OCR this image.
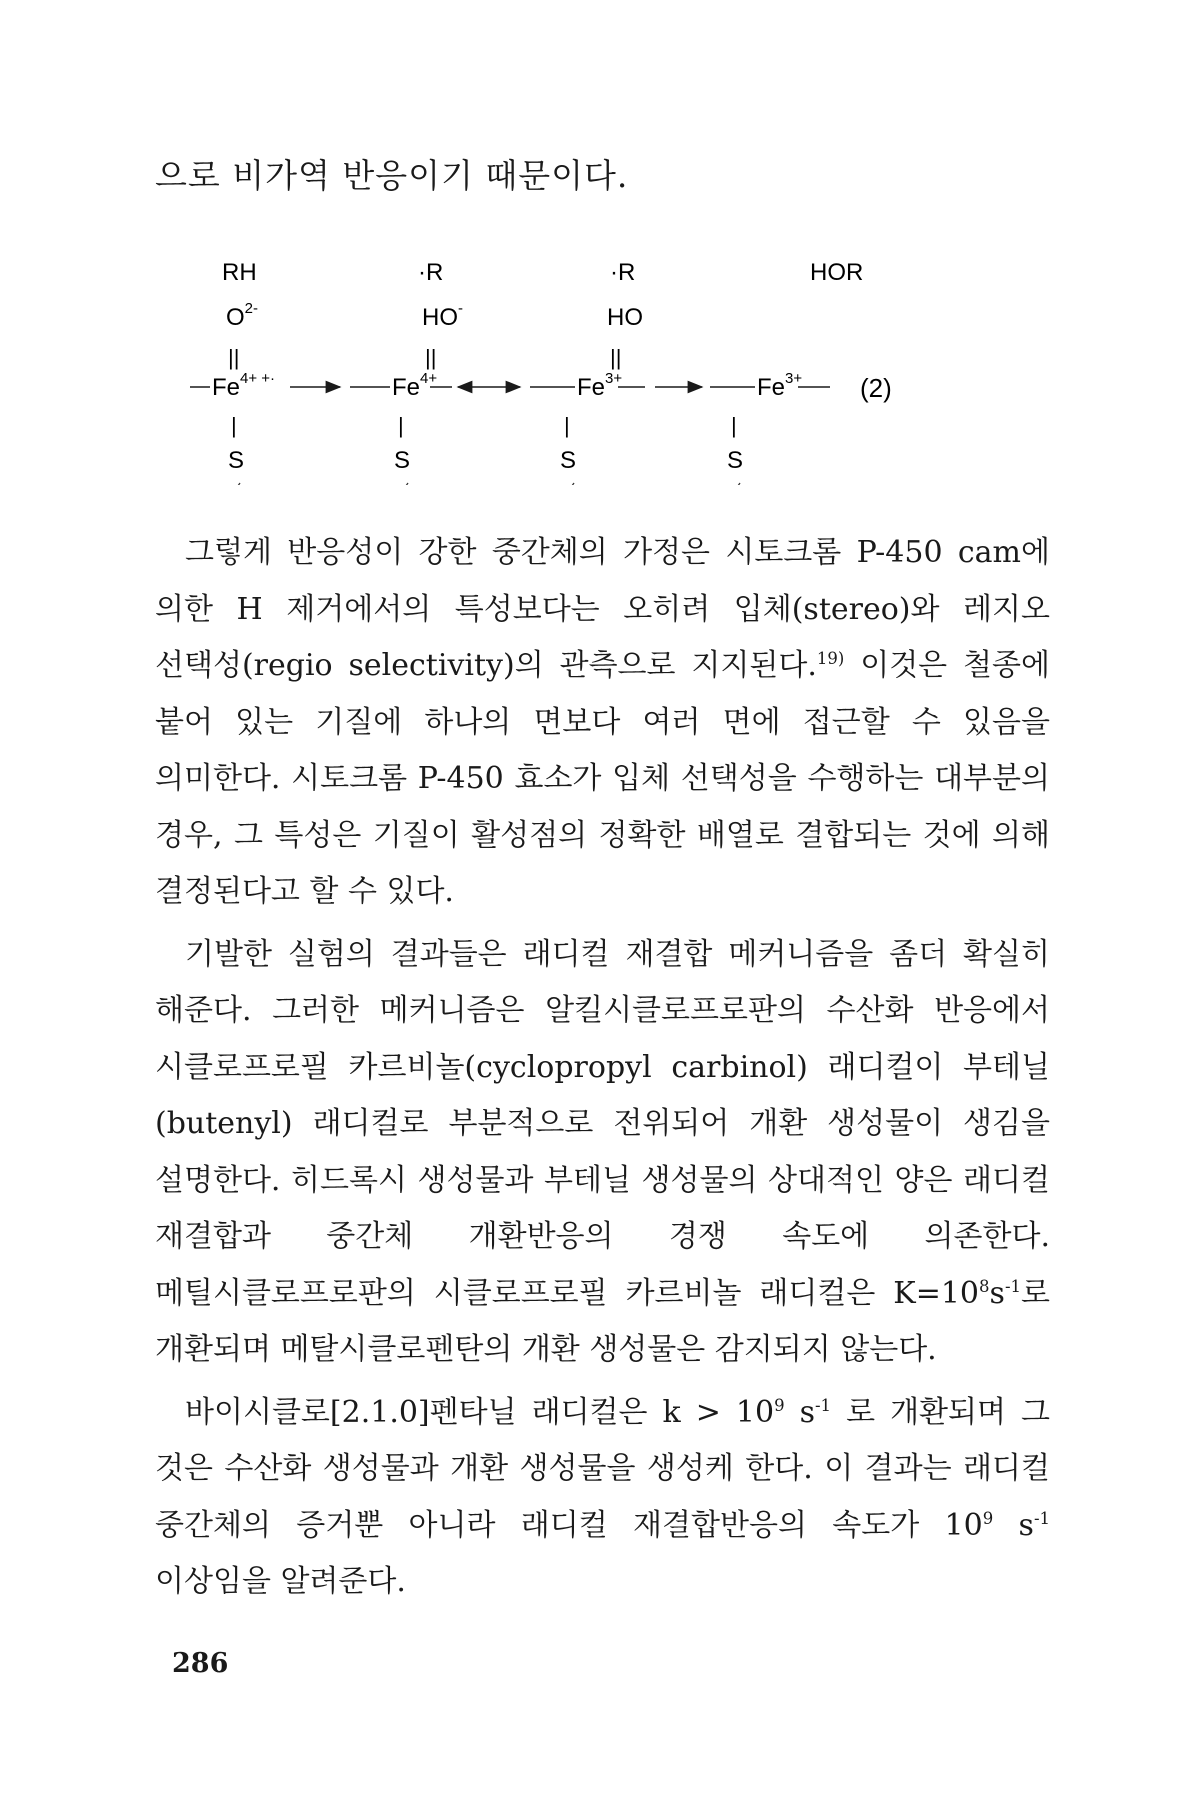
으로 비가역 반응이기 때문이다.
RH	·R	·R	HOR
$O^{2-}$	HO-	HO
||	||	||
$Fe^{4+ +\cdot}$	$Fe^{4+}$	$Fe^{3+}$	$Fe^{3+}$ (2)
|	|	|	|
S	S	S	S

그렇게 반응성이 강한 중간체의 가정은 시토크롬 P-450 cam에 의한 H 제거에서의 특성보다는 오히려 입체(stereo)와 레지오 선택성(regio selectivity)의 관측으로 지지된다.$^{19)}$ 이것은 철종에 붙어 있는 기질에 하나의 면보다 여러 면에 접근할 수 있음을 의미한다. 시토크롬 P-450 효소가 입체 선택성을 수행하는 대부분의 경우, 그 특성은 기질이 활성점의 정확한 배열로 결합되는 것에 의해 결정된다고 할 수 있다.

기발한 실험의 결과들은 래디컬 재결합 메커니즘을 좀더 확실히 해준다. 그러한 메커니즘은 알킬시클로프로판의 수산화 반응에서 시클로프로필 카르비놀(cyclopropyl carbinol) 래디컬이 부테닐(butenyl) 래디컬로 부분적으로 전위되어 개환 생성물이 생김을 설명한다. 히드록시 생성물과 부테닐 생성물의 상대적인 양은 래디컬 재결합과 중간체 개환반응의 경쟁 속도에 의존한다. 메틸시클로프로판의 시클로프로필 카르비놀 래디컬은 $K=10^8s^{-1}$로 개환되며 메탈시클로펜탄의 개환 생성물은 감지되지 않는다.

바이시클로[2.1.0]펜타닐 래디컬은 $k > 10^9$ $s^{-1}$ 로 개환되며 그 것은 수산화 생성물과 개환 생성물을 생성케 한다. 이 결과는 래디컬 중간체의 증거뿐 아니라 래디컬 재결합반응의 속도가 $10^9$ $s^{-1}$ 이상임을 알려준다.

286
